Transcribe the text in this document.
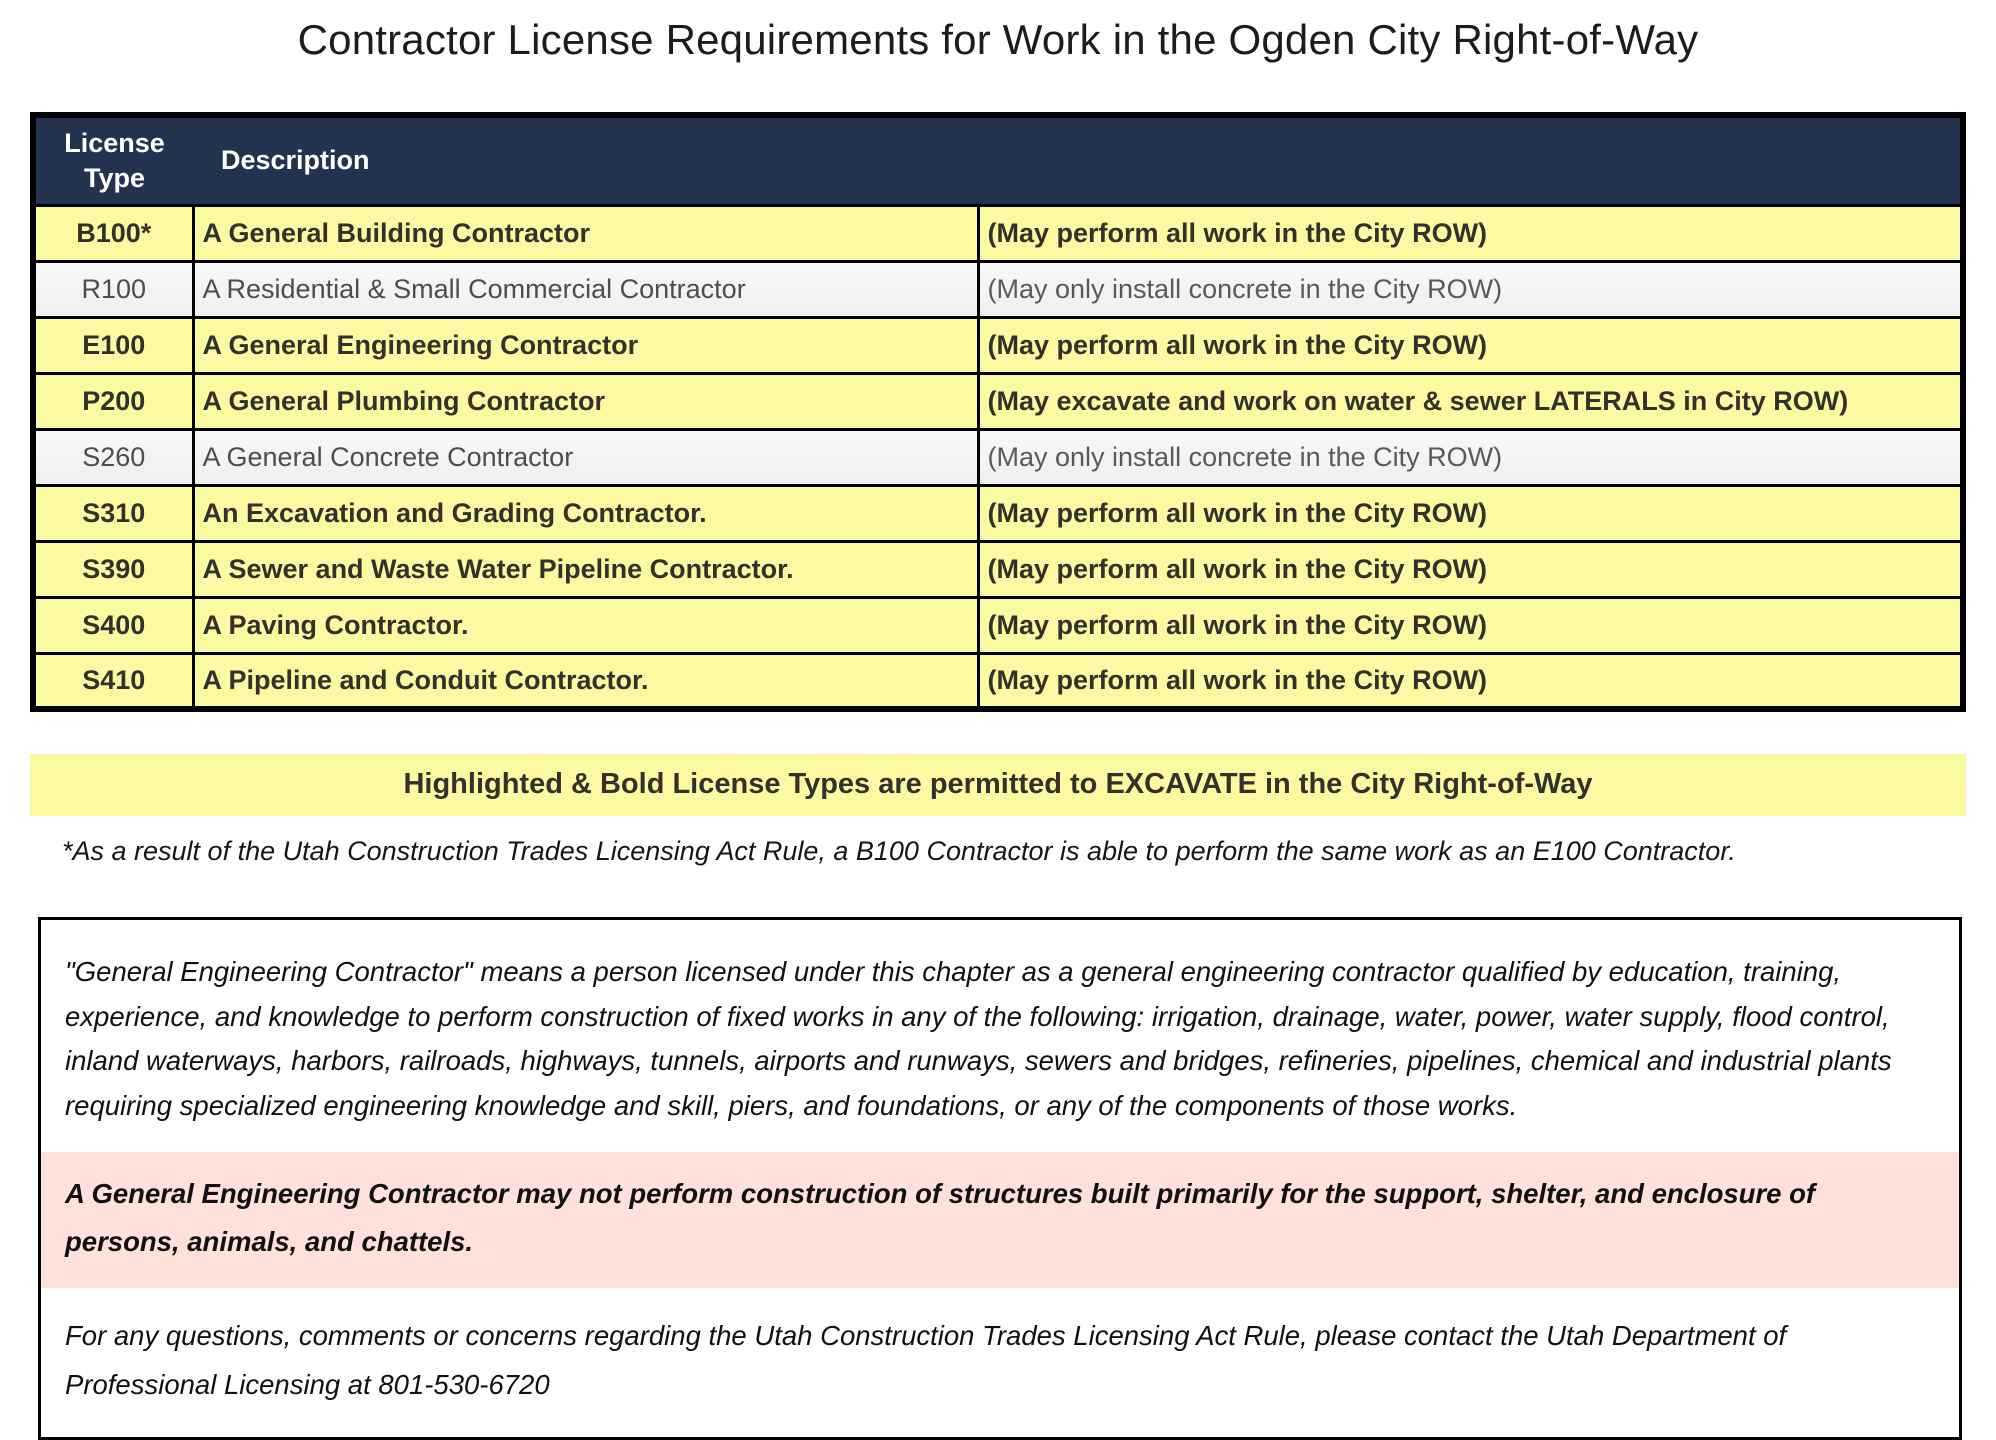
Contractor License Requirements for Work in the Ogden City Right-of-Way
License Type	Description	
B100*	A General Building Contractor	(May perform all work in the City ROW)
R100	A Residential & Small Commercial Contractor	(May only install concrete in the City ROW)
E100	A General Engineering Contractor	(May perform all work in the City ROW)
P200	A General Plumbing Contractor	(May excavate and work on water & sewer LATERALS in City ROW)
S260	A General Concrete Contractor	(May only install concrete in the City ROW)
S310	An Excavation and Grading Contractor.	(May perform all work in the City ROW)
S390	A Sewer and Waste Water Pipeline Contractor.	(May perform all work in the City ROW)
S400	A Paving Contractor.	(May perform all work in the City ROW)
S410	A Pipeline and Conduit Contractor.	(May perform all work in the City ROW)
Highlighted & Bold License Types are permitted to EXCAVATE in the City Right-of-Way
*As a result of the Utah Construction Trades Licensing Act Rule, a B100 Contractor is able to perform the same work as an E100 Contractor.

"General Engineering Contractor" means a person licensed under this chapter as a general engineering contractor qualified by education, training, experience, and knowledge to perform construction of fixed works in any of the following: irrigation, drainage, water, power, water supply, flood control, inland waterways, harbors, railroads, highways, tunnels, airports and runways, sewers and bridges, refineries, pipelines, chemical and industrial plants requiring specialized engineering knowledge and skill, piers, and foundations, or any of the components of those works.

A General Engineering Contractor may not perform construction of structures built primarily for the support, shelter, and enclosure of persons, animals, and chattels.

For any questions, comments or concerns regarding the Utah Construction Trades Licensing Act Rule, please contact the Utah Department of Professional Licensing at 801-530-6720
